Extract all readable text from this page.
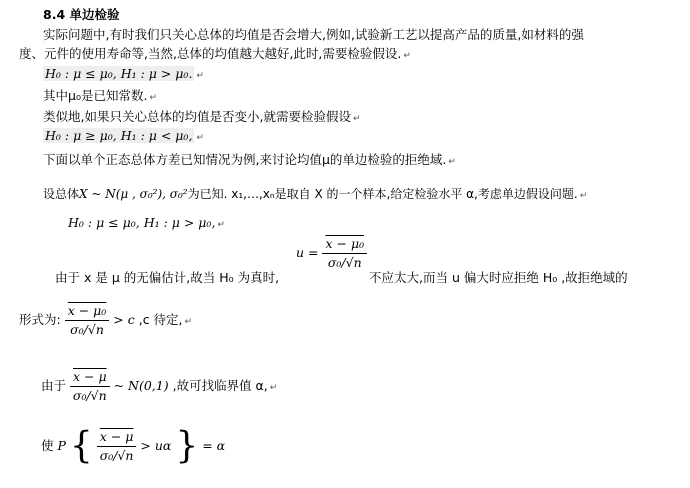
8.4 单边检验
实际问题中,有时我们只关心总体的均值是否会增大,例如,试验新工艺以提高产品的质量,如材料的强
度、元件的使用寿命等,当然,总体的均值越大越好,此时,需要检验假设. ↵
H₀ : μ ≤ μ₀, H₁ : μ > μ₀. ↵
其中μ₀是已知常数. ↵
类似地,如果只关心总体的均值是否变小,就需要检验假设 ↵
H₀ : μ ≥ μ₀, H₁ : μ < μ₀, ↵
下面以单个正态总体方差已知情况为例,来讨论均值μ的单边检验的拒绝域. ↵
设总体X ~ N(μ , σ₀²), σ₀²为已知. x₁,…,xₙ是取自 X 的一个样本,给定检验水平 α,考虑单边假设问题. ↵
H₀ : μ ≤ μ₀, H₁ : μ > μ₀, ↵
$u = \frac{\text{x − μ₀}}{\text{σ₀/√n}}$
由于 x 是 μ 的无偏估计,故当 H₀ 为真时,	不应太大,而当 u 偏大时应拒绝 H₀ ,故拒绝域的
形式为: $\frac{\text{x − μ₀}}{\text{σ₀/√n}} > c$ ,c 待定, ↵
由于 $\frac{x - \mu}{\text{σ₀/√n}}$ ~ N(0,1) ,故可找临界值 α, ↵
使 P { $\frac{x - \mu}{\text{σ₀/√n}} > u\alpha$ } = α
